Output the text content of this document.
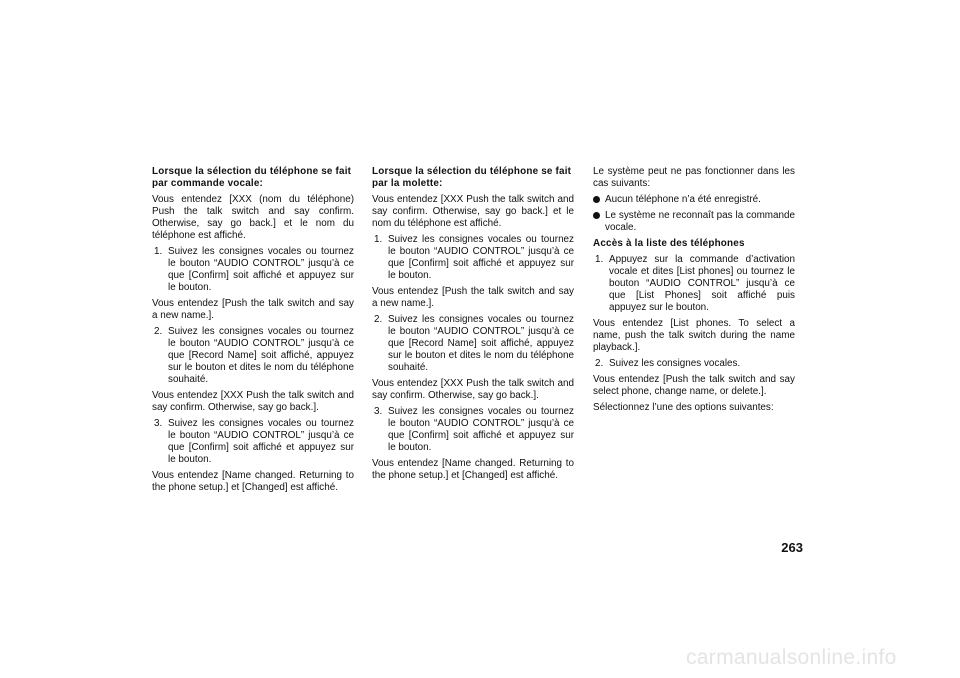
Lorsque la sélection du téléphone se fait par commande vocale:
Vous entendez [XXX (nom du téléphone) Push the talk switch and say confirm. Otherwise, say go back.] et le nom du téléphone est affiché.
1. Suivez les consignes vocales ou tournez le bouton “AUDIO CONTROL” jusqu’à ce que [Confirm] soit affiché et appuyez sur le bouton.
Vous entendez [Push the talk switch and say a new name.].
2. Suivez les consignes vocales ou tournez le bouton “AUDIO CONTROL” jusqu’à ce que [Record Name] soit affiché, appuyez sur le bouton et dites le nom du téléphone souhaité.
Vous entendez [XXX Push the talk switch and say confirm. Otherwise, say go back.].
3. Suivez les consignes vocales ou tournez le bouton “AUDIO CONTROL” jusqu’à ce que [Confirm] soit affiché et appuyez sur le bouton.
Vous entendez [Name changed. Returning to the phone setup.] et [Changed] est affiché.
Lorsque la sélection du téléphone se fait par la molette:
Vous entendez [XXX Push the talk switch and say confirm. Otherwise, say go back.] et le nom du téléphone est affiché.
1. Suivez les consignes vocales ou tournez le bouton “AUDIO CONTROL” jusqu’à ce que [Confirm] soit affiché et appuyez sur le bouton.
Vous entendez [Push the talk switch and say a new name.].
2. Suivez les consignes vocales ou tournez le bouton “AUDIO CONTROL” jusqu’à ce que [Record Name] soit affiché, appuyez sur le bouton et dites le nom du téléphone souhaité.
Vous entendez [XXX Push the talk switch and say confirm. Otherwise, say go back.].
3. Suivez les consignes vocales ou tournez le bouton “AUDIO CONTROL” jusqu’à ce que [Confirm] soit affiché et appuyez sur le bouton.
Vous entendez [Name changed. Returning to the phone setup.] et [Changed] est affiché.
Le système peut ne pas fonctionner dans les cas suivants:
Aucun téléphone n’a été enregistré.
Le système ne reconnaît pas la commande vocale.
Accès à la liste des téléphones
1. Appuyez sur la commande d’activation vocale et dites [List phones] ou tournez le bouton “AUDIO CONTROL” jusqu’à ce que [List Phones] soit affiché puis appuyez sur le bouton.
Vous entendez [List phones. To select a name, push the talk switch during the name playback.].
2. Suivez les consignes vocales.
Vous entendez [Push the talk switch and say select phone, change name, or delete.].
Sélectionnez l’une des options suivantes:
263
carmanualsonline.info
